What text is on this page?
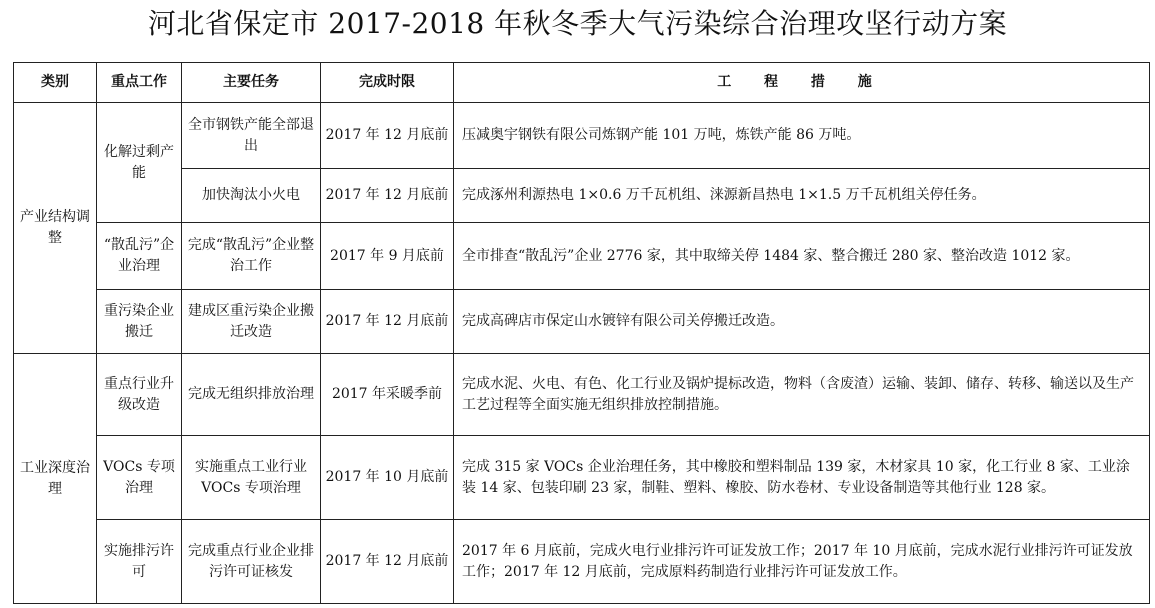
河北省保定市 2017-2018 年秋冬季大气污染综合治理攻坚行动方案
类别	重点工作	主要任务	完成时限	工 程 措 施
产业结构调整	化解过剩产能	全市钢铁产能全部退出	2017 年 12 月底前	压减奥宇钢铁有限公司炼钢产能 101 万吨，炼铁产能 86 万吨。
		加快淘汰小火电	2017 年 12 月底前	完成涿州利源热电 1×0.6 万千瓦机组、涞源新昌热电 1×1.5 万千瓦机组关停任务。
	“散乱污”企业治理	完成“散乱污”企业整治工作	2017 年 9 月底前	全市排查“散乱污”企业 2776 家，其中取缔关停 1484 家、整合搬迁 280 家、整治改造 1012 家。
	重污染企业搬迁	建成区重污染企业搬迁改造	2017 年 12 月底前	完成高碑店市保定山水镀锌有限公司关停搬迁改造。
工业深度治理	重点行业升级改造	完成无组织排放治理	2017 年采暖季前	完成水泥、火电、有色、化工行业及锅炉提标改造，物料（含废渣）运输、装卸、储存、转移、输送以及生产工艺过程等全面实施无组织排放控制措施。
	VOCs 专项治理	实施重点工业行业 VOCs 专项治理	2017 年 10 月底前	完成 315 家 VOCs 企业治理任务，其中橡胶和塑料制品 139 家，木材家具 10 家，化工行业 8 家、工业涂装 14 家、包装印刷 23 家，制鞋、塑料、橡胶、防水卷材、专业设备制造等其他行业 128 家。
	实施排污许可	完成重点行业企业排污许可证核发	2017 年 12 月底前	2017 年 6 月底前，完成火电行业排污许可证发放工作；2017 年 10 月底前，完成水泥行业排污许可证发放工作；2017 年 12 月底前，完成原料药制造行业排污许可证发放工作。
